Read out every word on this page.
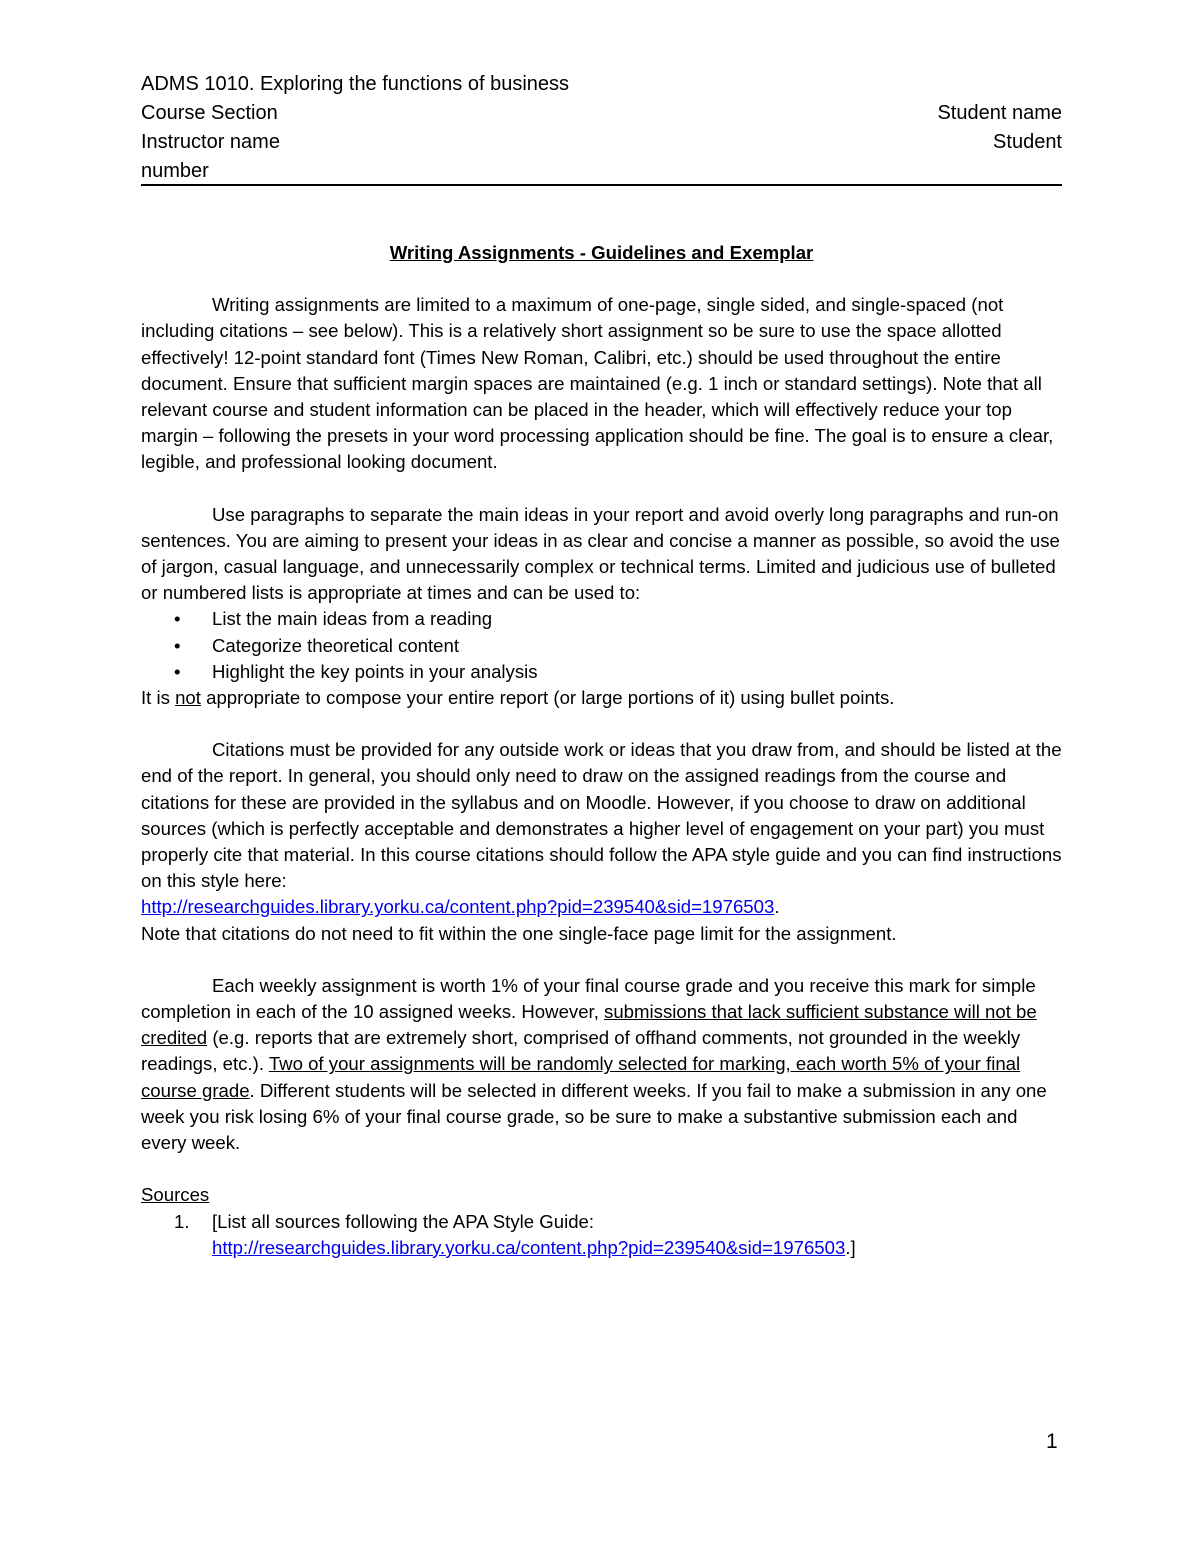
ADMS 1010. Exploring the functions of business
Course Section	Student name
Instructor name	Student
number
Writing Assignments - Guidelines and Exemplar

Writing assignments are limited to a maximum of one-page, single sided, and single-spaced (not including citations – see below). This is a relatively short assignment so be sure to use the space allotted effectively! 12-point standard font (Times New Roman, Calibri, etc.) should be used throughout the entire document. Ensure that sufficient margin spaces are maintained (e.g. 1 inch or standard settings). Note that all relevant course and student information can be placed in the header, which will effectively reduce your top margin – following the presets in your word processing application should be fine. The goal is to ensure a clear, legible, and professional looking document.

Use paragraphs to separate the main ideas in your report and avoid overly long paragraphs and run-on sentences. You are aiming to present your ideas in as clear and concise a manner as possible, so avoid the use of jargon, casual language, and unnecessarily complex or technical terms. Limited and judicious use of bulleted or numbered lists is appropriate at times and can be used to:

• List the main ideas from a reading
• Categorize theoretical content
• Highlight the key points in your analysis
It is not appropriate to compose your entire report (or large portions of it) using bullet points.

Citations must be provided for any outside work or ideas that you draw from, and should be listed at the end of the report. In general, you should only need to draw on the assigned readings from the course and citations for these are provided in the syllabus and on Moodle. However, if you choose to draw on additional sources (which is perfectly acceptable and demonstrates a higher level of engagement on your part) you must properly cite that material. In this course citations should follow the APA style guide and you can find instructions on this style here:

http://researchguides.library.yorku.ca/content.php?pid=239540&sid=1976503.

Note that citations do not need to fit within the one single-face page limit for the assignment.

Each weekly assignment is worth 1% of your final course grade and you receive this mark for simple completion in each of the 10 assigned weeks. However, submissions that lack sufficient substance will not be credited (e.g. reports that are extremely short, comprised of offhand comments, not grounded in the weekly readings, etc.). Two of your assignments will be randomly selected for marking, each worth 5% of your final course grade. Different students will be selected in different weeks. If you fail to make a submission in any one week you risk losing 6% of your final course grade, so be sure to make a substantive submission each and every week.

Sources
1. [List all sources following the APA Style Guide:
http://researchguides.library.yorku.ca/content.php?pid=239540&sid=1976503.]
1
